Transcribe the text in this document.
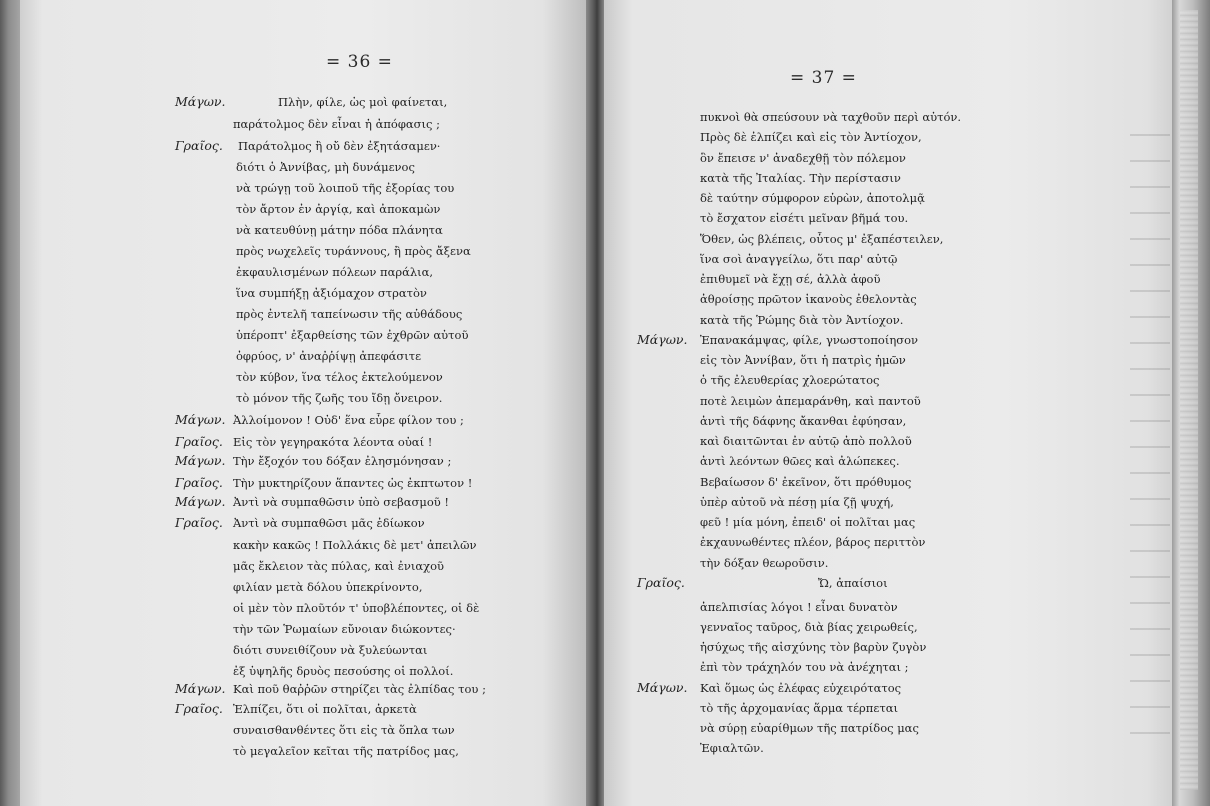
= 36 =
Μάγων.
Γραῖος.
Μάγων.
Γραῖος.
Μάγων.
Γραῖος.
Μάγων.
Γραῖος.
Μάγων.
Γραῖος.
Πλὴν, φίλε, ὡς μοὶ φαίνεται,
παράτολμος δὲν εἶναι ἡ ἀπόφασις ;
Παράτολμος ἢ οὔ δὲν ἐξητάσαμεν·
διότι ὁ Ἀννίβας, μὴ δυνάμενος
νὰ τρώγῃ τοῦ λοιποῦ τῆς ἐξορίας του
τὸν ἄρτον ἐν ἀργίᾳ, καὶ ἀποκαμὼν
νὰ κατευθύνῃ μάτην πόδα πλάνητα
πρὸς νωχελεῖς τυράννους, ἢ πρὸς ἄξενα
ἐκφαυλισμένων πόλεων παράλια,
ἵνα συμπήξῃ ἀξιόμαχον στρατὸν
πρὸς ἐντελῆ ταπείνωσιν τῆς αὐθάδους
ὑπέροπτ' ἐξαρθείσης τῶν ἐχθρῶν αὐτοῦ
ὀφρύος, ν' ἀναῤῥίψῃ ἀπεφάσιτε
τὸν κύβον, ἵνα τέλος ἐκτελούμενον
τὸ μόνον τῆς ζωῆς του ἴδῃ ὄνειρον.
Ἀλλοίμονον ! Οὐδ' ἕνα εὗρε φίλον του ;
Εἰς τὸν γεγηρακότα λέοντα οὐαί !
Τὴν ἔξοχόν του δόξαν ἐλησμόνησαν ;
Τὴν μυκτηρίζουν ἅπαντες ὡς ἐκπτωτον !
Ἀντὶ νὰ συμπαθῶσιν ὑπὸ σεβασμοῦ !
Ἀντὶ νὰ συμπαθῶσι μᾶς ἐδίωκον
κακὴν κακῶς ! Πολλάκις δὲ μετ' ἀπειλῶν
μᾶς ἔκλειον τὰς πύλας, καὶ ἐνιαχοῦ
φιλίαν μετὰ δόλου ὑπεκρίνοντο,
οἱ μὲν τὸν πλοῦτόν τ' ὑποβλέποντες, οἱ δὲ
τὴν τῶν Ῥωμαίων εὔνοιαν διώκοντες·
διότι συνειθίζουν νὰ ξυλεύωνται
ἐξ ὑψηλῆς δρυὸς πεσούσης οἱ πολλοί.
Καὶ ποῦ θαῤῥῶν στηρίζει τὰς ἐλπίδας του ;
Ἐλπίζει, ὅτι οἱ πολῖται, ἀρκετὰ
συναισθανθέντες ὅτι εἰς τὰ ὅπλα των
τὸ μεγαλεῖον κεῖται τῆς πατρίδος μας,
= 37 =
Μάγων.
Γραῖος.
Μάγων.
πυκνοὶ θὰ σπεύσουν νὰ ταχθοῦν περὶ αὐτόν.
Πρὸς δὲ ἐλπίζει καὶ εἰς τὸν Ἀντίοχον,
ὃν ἔπεισε ν' ἀναδεχθῇ τὸν πόλεμον
κατὰ τῆς Ἰταλίας. Τὴν περίστασιν
δὲ ταύτην σύμφορον εὑρὼν, ἀποτολμᾷ
τὸ ἔσχατον εἰσέτι μεῖναν βῆμά του.
Ὅθεν, ὡς βλέπεις, οὗτος μ' ἐξαπέστειλεν,
ἵνα σοὶ ἀναγγείλω, ὅτι παρ' αὐτῷ
ἐπιθυμεῖ νὰ ἔχῃ σέ, ἀλλὰ ἀφοῦ
ἀθροίσῃς πρῶτον ἱκανοὺς ἐθελοντὰς
κατὰ τῆς Ῥώμης διὰ τὸν Ἀντίοχον.
Ἐπανακάμψας, φίλε, γνωστοποίησον
εἰς τὸν Ἀννίβαν, ὅτι ἡ πατρὶς ἡμῶν
ὁ τῆς ἐλευθερίας χλοερώτατος
ποτὲ λειμὼν ἀπεμαράνθη, καὶ παντοῦ
ἀντὶ τῆς δάφνης ἄκανθαι ἐφύησαν,
καὶ διαιτῶνται ἐν αὐτῷ ἀπὸ πολλοῦ
ἀντὶ λεόντων θῶες καὶ ἀλώπεκες.
Βεβαίωσον δ' ἐκεῖνον, ὅτι πρόθυμος
ὑπὲρ αὐτοῦ νὰ πέσῃ μία ζῇ ψυχή,
φεῦ ! μία μόνη, ἐπειδ' οἱ πολῖται μας
ἐκχαυνωθέντες πλέον, βάρος περιττὸν
τὴν δόξαν θεωροῦσιν.
Ὤ, ἀπαίσιοι
ἀπελπισίας λόγοι ! εἶναι δυνατὸν
γενναῖος ταῦρος, διὰ βίας χειρωθείς,
ἡσύχως τῆς αἰσχύνης τὸν βαρὺν ζυγὸν
ἐπὶ τὸν τράχηλόν του νὰ ἀνέχηται ;
Καὶ ὅμως ὡς ἐλέφας εὐχειρότατος
τὸ τῆς ἀρχομανίας ἅρμα τέρπεται
νὰ σύρῃ εὐαρίθμων τῆς πατρίδος μας
Ἐφιαλτῶν.
